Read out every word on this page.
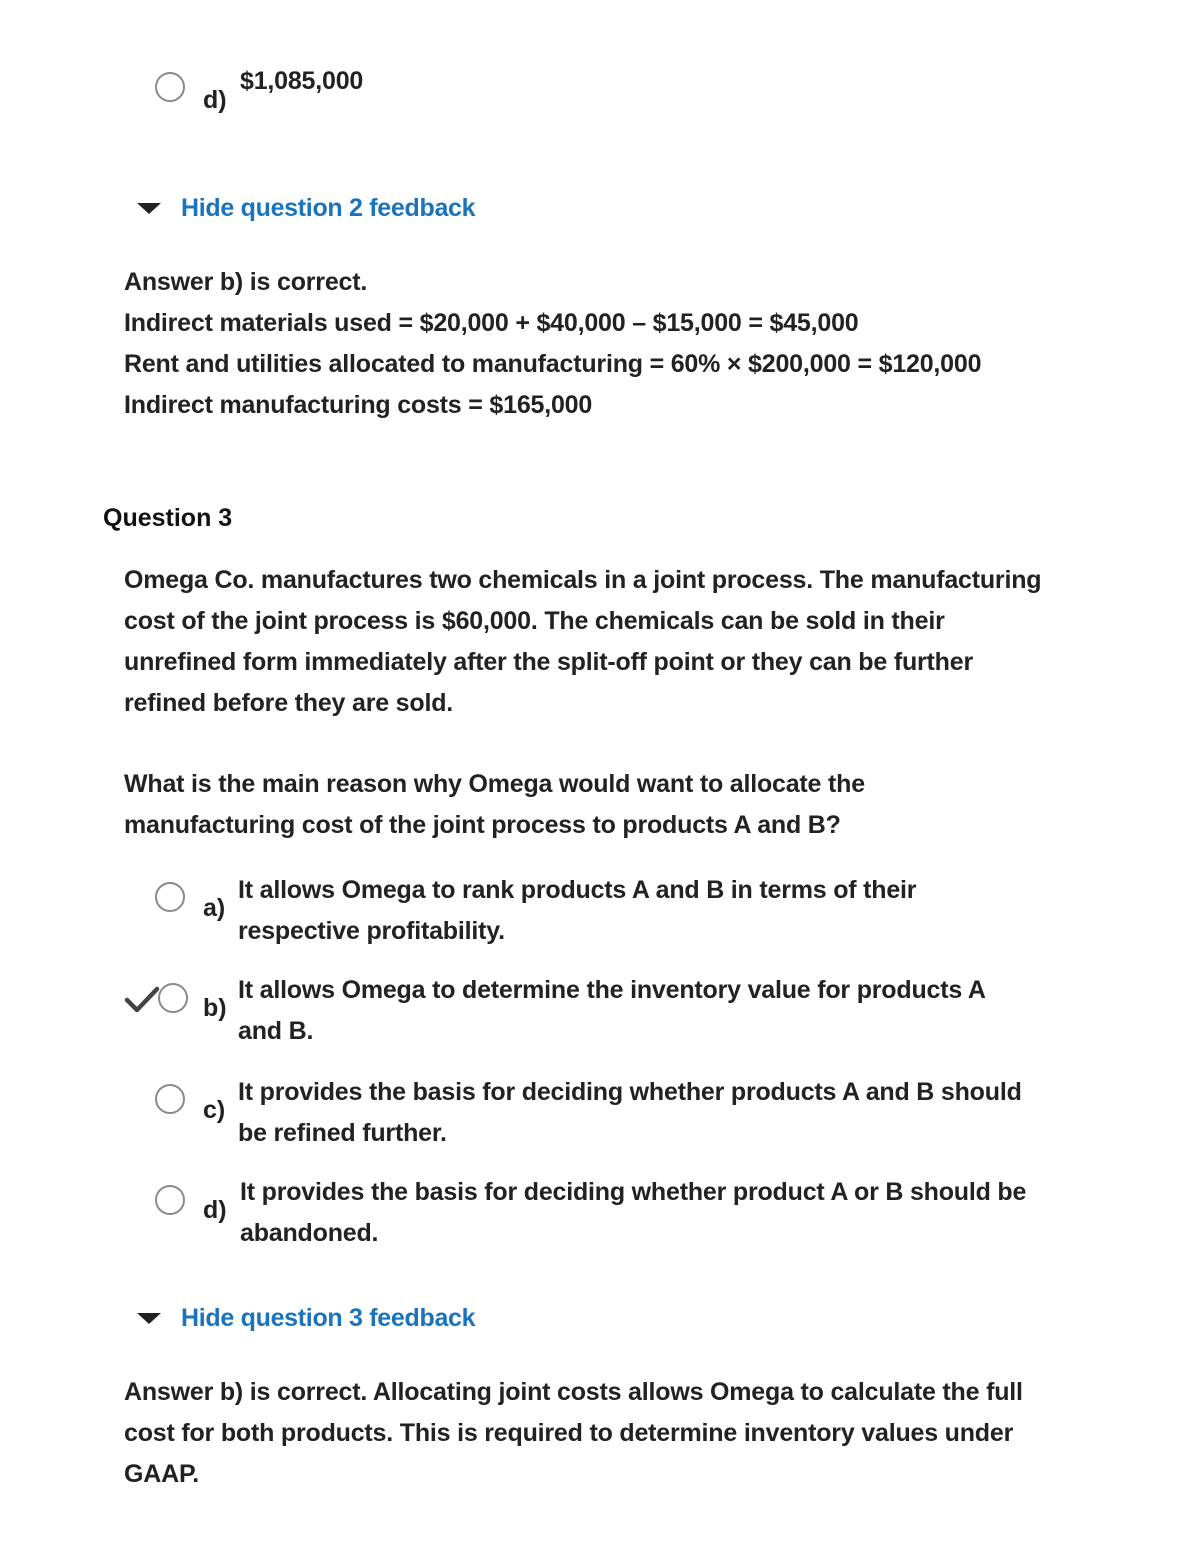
d)
$1,085,000
Hide question 2 feedback
Answer b) is correct.
Indirect materials used = $20,000 + $40,000 – $15,000 = $45,000
Rent and utilities allocated to manufacturing = 60% × $200,000 = $120,000
Indirect manufacturing costs = $165,000
Question 3
Omega Co. manufactures two chemicals in a joint process. The manufacturing
cost of the joint process is $60,000. The chemicals can be sold in their
unrefined form immediately after the split-off point or they can be further
refined before they are sold.
What is the main reason why Omega would want to allocate the
manufacturing cost of the joint process to products A and B?
a)
It allows Omega to rank products A and B in terms of their
respective profitability.
b)
It allows Omega to determine the inventory value for products A
and B.
c)
It provides the basis for deciding whether products A and B should
be refined further.
d)
It provides the basis for deciding whether product A or B should be
abandoned.
Hide question 3 feedback
Answer b) is correct. Allocating joint costs allows Omega to calculate the full
cost for both products. This is required to determine inventory values under
GAAP.
